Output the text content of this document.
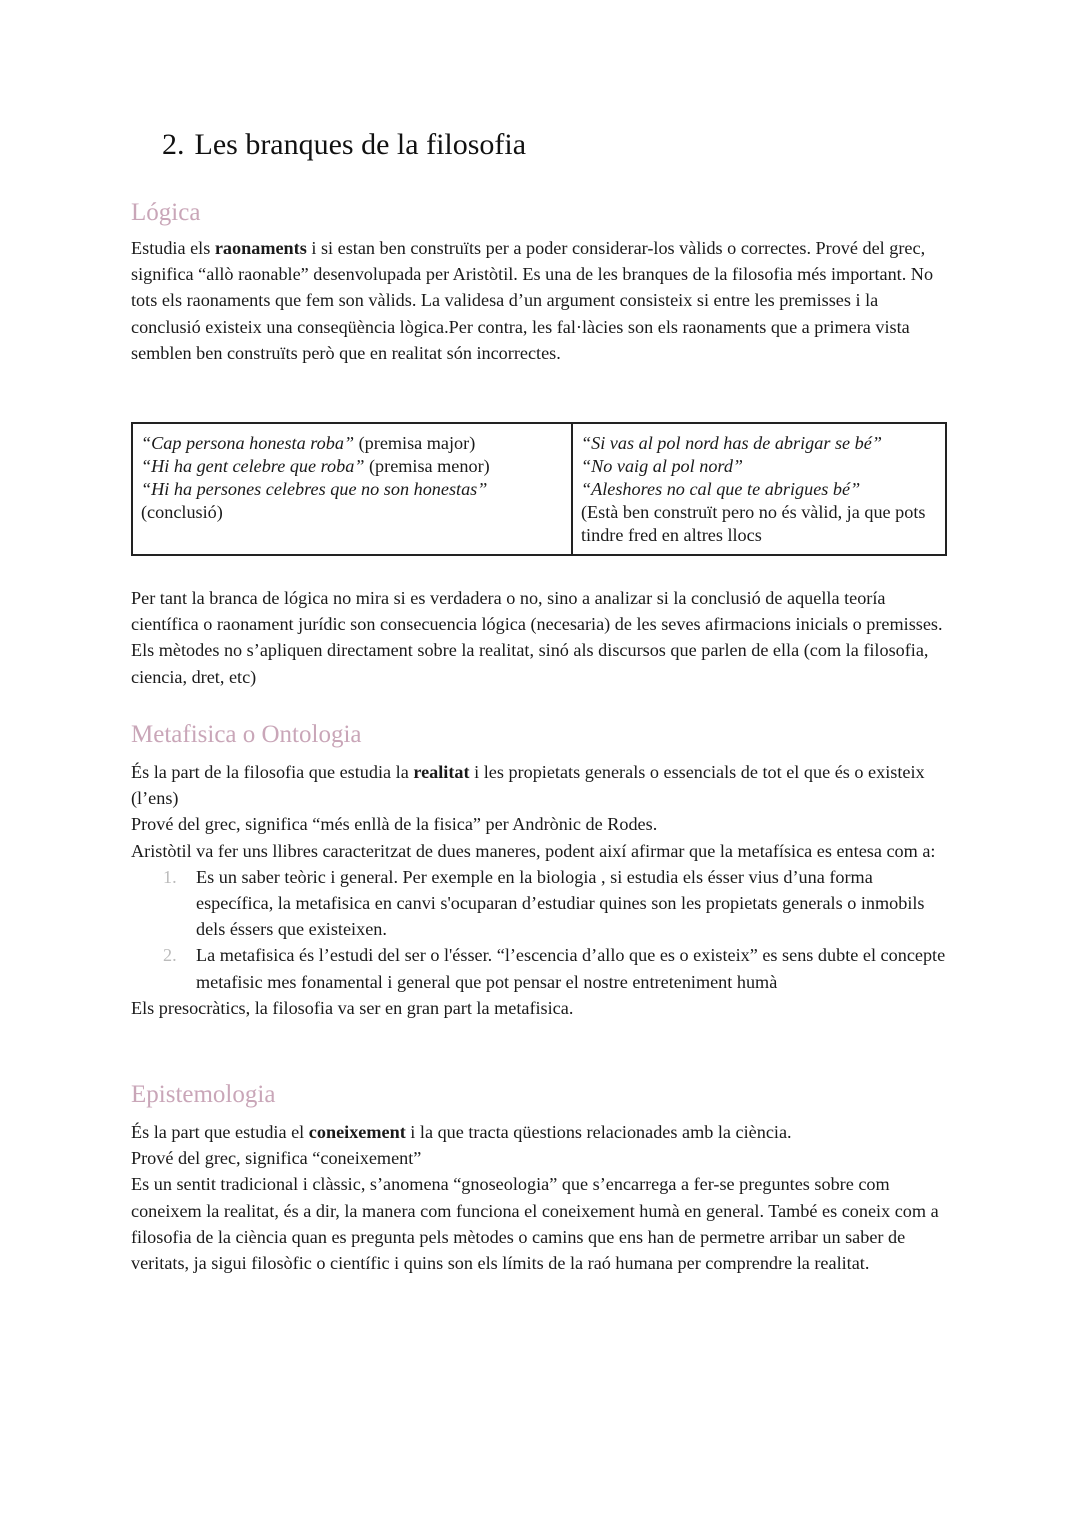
2. Les branques de la filosofia
Lógica

Estudia els raonaments i si estan ben construïts per a poder considerar-los vàlids o correctes. Prové del grec, significa “allò raonable” desenvolupada per Aristòtil. Es una de les branques de la filosofia més important. No tots els raonaments que fem son vàlids. La validesa d’un argument consisteix si entre les premisses i la conclusió existeix una conseqüència lògica.Per contra, les fal·làcies son els raonaments que a primera vista semblen ben construïts però que en realitat són incorrectes.

“Cap persona honesta roba” (premisa major)
“Hi ha gent celebre que roba” (premisa menor)
“Hi ha persones celebres que no son honestas”
(conclusió)

“Si vas al pol nord has de abrigar se bé”
“No vaig al pol nord”
“Aleshores no cal que te abrigues bé”
(Està ben construït pero no és vàlid, ja que pots tindre fred en altres llocs

Per tant la branca de lógica no mira si es verdadera o no, sino a analizar si la conclusió de aquella teoría científica o raonament jurídic son consecuencia lógica (necesaria) de les seves afirmacions inicials o premisses. Els mètodes no s’apliquen directament sobre la realitat, sinó als discursos que parlen de ella (com la filosofia, ciencia, dret, etc)

Metafisica o Ontologia

És la part de la filosofia que estudia la realitat i les propietats generals o essencials de tot el que és o existeix (l’ens)

Prové del grec, significa “més enllà de la fisica” per Andrònic de Rodes.

Aristòtil va fer uns llibres caracteritzat de dues maneres, podent així afirmar que la metafísica es entesa com a:

1. Es un saber teòric i general. Per exemple en la biologia , si estudia els ésser vius d’una forma específica, la metafisica en canvi s'ocuparan d’estudiar quines son les propietats generals o inmobils dels éssers que existeixen.
2. La metafisica és l’estudi del ser o l'ésser. “l’escencia d’allo que es o existeix” es sens dubte el concepte metafisic mes fonamental i general que pot pensar el nostre entreteniment humà

Els presocràtics, la filosofia va ser en gran part la metafisica.

Epistemologia

És la part que estudia el coneixement i la que tracta qüestions relacionades amb la ciència.

Prové del grec, significa “coneixement”

Es un sentit tradicional i clàssic, s’anomena “gnoseologia” que s’encarrega a fer-se preguntes sobre com coneixem la realitat, és a dir, la manera com funciona el coneixement humà en general. També es coneix com a filosofia de la ciència quan es pregunta pels mètodes o camins que ens han de permetre arribar un saber de veritats, ja sigui filosòfic o científic i quins son els límits de la raó humana per comprendre la realitat.
